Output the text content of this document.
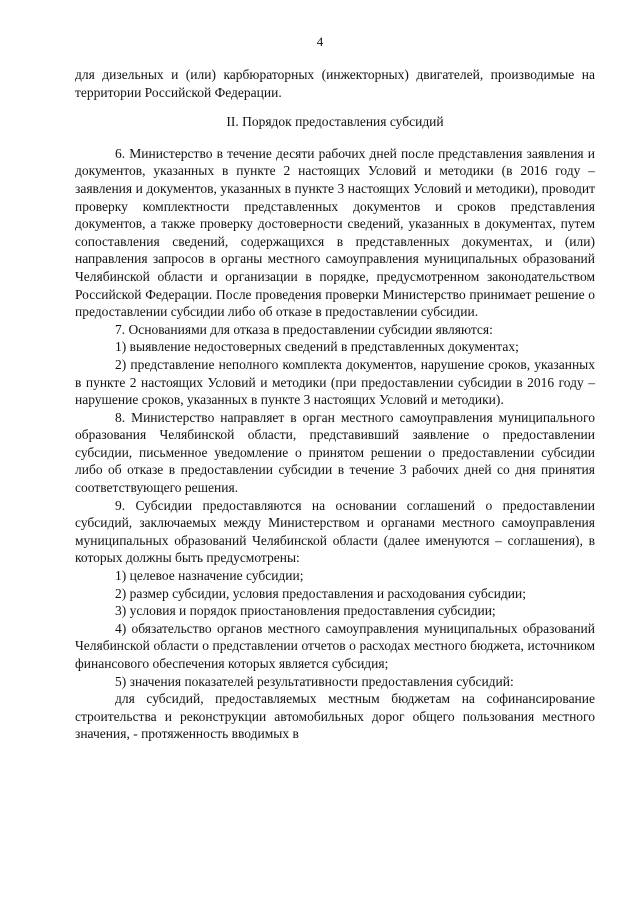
4

для дизельных и (или) карбюраторных (инжекторных) двигателей, производимые на территории Российской Федерации.

II. Порядок предоставления субсидий

6. Министерство в течение десяти рабочих дней после представления заявления и документов, указанных в пункте 2 настоящих Условий и методики (в 2016 году – заявления и документов, указанных в пункте 3 настоящих Условий и методики), проводит проверку комплектности представленных документов и сроков представления документов, а также проверку достоверности сведений, указанных в документах, путем сопоставления сведений, содержащихся в представленных документах, и (или) направления запросов в органы местного самоуправления муниципальных образований Челябинской области и организации в порядке, предусмотренном законодательством Российской Федерации. После проведения проверки Министерство принимает решение о предоставлении субсидии либо об отказе в предоставлении субсидии.

7. Основаниями для отказа в предоставлении субсидии являются:

1) выявление недостоверных сведений в представленных документах;

2) представление неполного комплекта документов, нарушение сроков, указанных в пункте 2 настоящих Условий и методики (при предоставлении субсидии в 2016 году – нарушение сроков, указанных в пункте 3 настоящих Условий и методики).

8. Министерство направляет в орган местного самоуправления муниципального образования Челябинской области, представивший заявление о предоставлении субсидии, письменное уведомление о принятом решении о предоставлении субсидии либо об отказе в предоставлении субсидии в течение 3 рабочих дней со дня принятия соответствующего решения.

9. Субсидии предоставляются на основании соглашений о предоставлении субсидий, заключаемых между Министерством и органами местного самоуправления муниципальных образований Челябинской области (далее именуются – соглашения), в которых должны быть предусмотрены:

1) целевое назначение субсидии;

2) размер субсидии, условия предоставления и расходования субсидии;

3) условия и порядок приостановления предоставления субсидии;

4) обязательство органов местного самоуправления муниципальных образований Челябинской области о представлении отчетов о расходах местного бюджета, источником финансового обеспечения которых является субсидия;

5) значения показателей результативности предоставления субсидий:

для субсидий, предоставляемых местным бюджетам на софинансирование строительства и реконструкции автомобильных дорог общего пользования местного значения, - протяженность вводимых в
